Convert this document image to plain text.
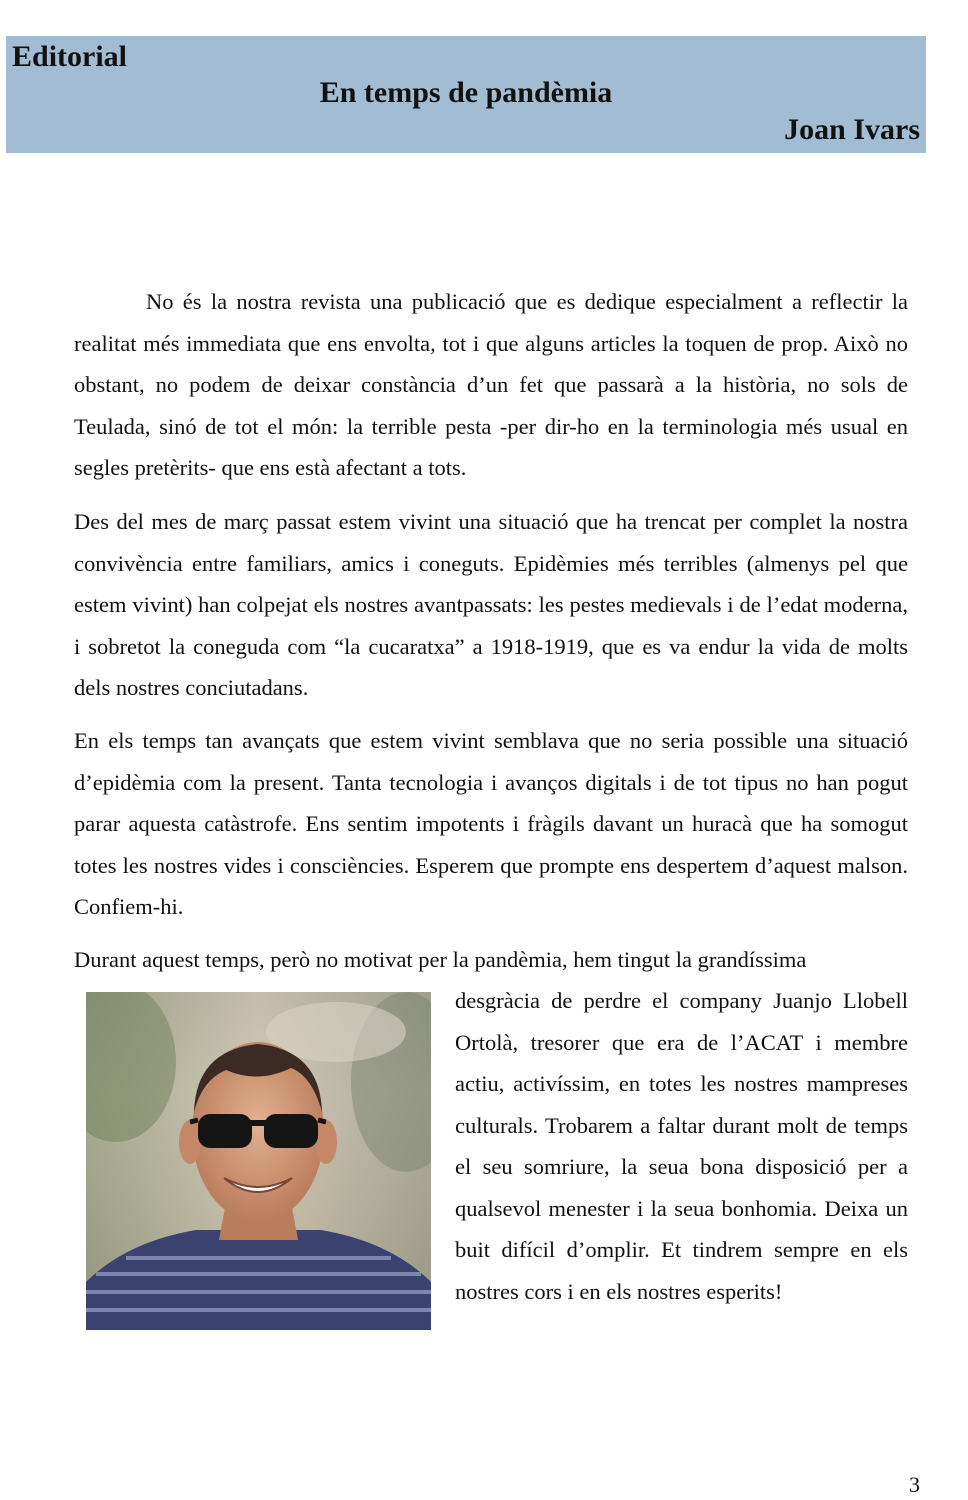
Editorial
En temps de pandèmia
Joan Ivars

No és la nostra revista una publicació que es dedique especialment a reflectir la realitat més immediata que ens envolta, tot i que alguns articles la toquen de prop. Això no obstant, no podem de deixar constància d’un fet que passarà a la història, no sols de Teulada, sinó de tot el món: la terrible pesta -per dir-ho en la terminologia més usual en segles pretèrits- que ens està afectant a tots.

Des del mes de març passat estem vivint una situació que ha trencat per complet la nostra convivència entre familiars, amics i coneguts. Epidèmies més terribles (almenys pel que estem vivint) han colpejat els nostres avantpassats: les pestes medievals i de l’edat moderna, i sobretot la coneguda com “la cucaratxa” a 1918-1919, que es va endur la vida de molts dels nostres conciutadans.

En els temps tan avançats que estem vivint semblava que no seria possible una situació d’epidèmia com la present. Tanta tecnologia i avanços digitals i de tot tipus no han pogut parar aquesta catàstrofe. Ens sentim impotents i fràgils davant un huracà que ha somogut totes les nostres vides i consciències. Esperem que prompte ens despertem d’aquest malson. Confiem-hi.

Durant aquest temps, però no motivat per la pandèmia, hem tingut la grandíssima

desgràcia de perdre el company Juanjo Llobell Ortolà, tresorer que era de l’ACAT i membre actiu, activíssim, en totes les nostres mampreses culturals. Trobarem a faltar durant molt de temps el seu somriure, la seua bona disposició per a qualsevol menester i la seua bonhomia. Deixa un buit difícil d’omplir. Et tindrem sempre en els nostres cors i en els nostres esperits!

3
